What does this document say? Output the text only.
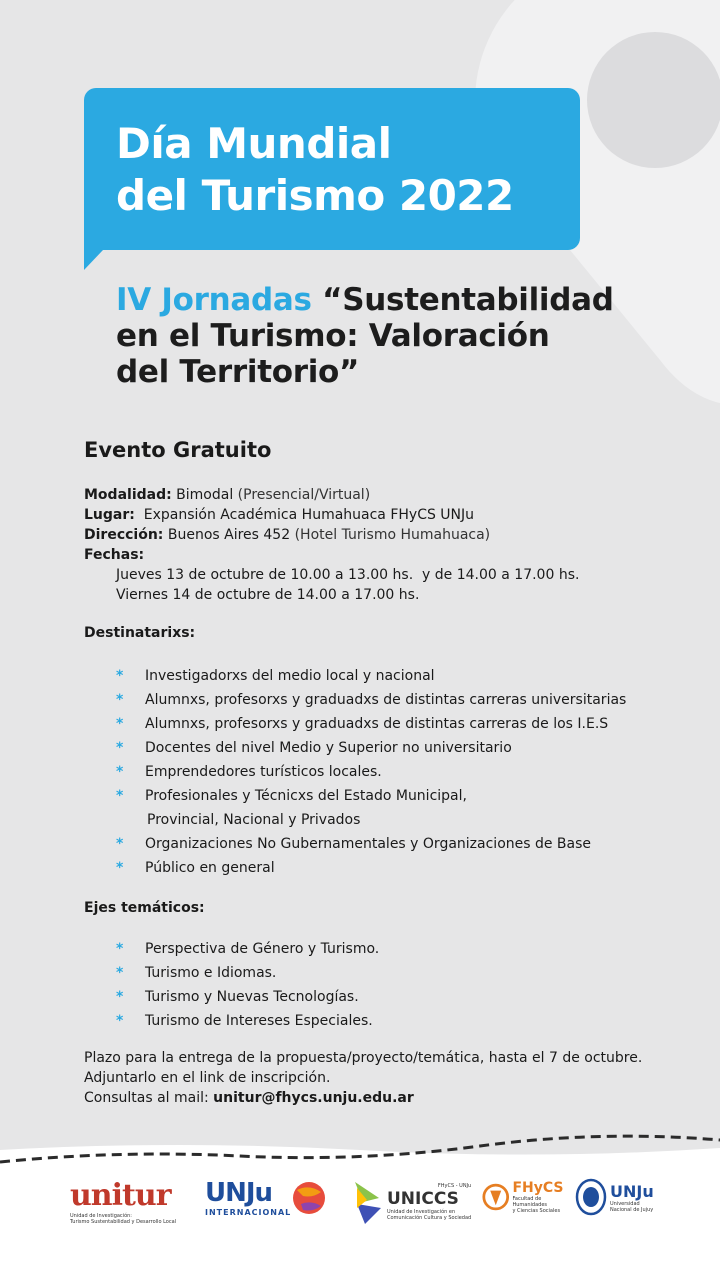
Día Mundial
del Turismo 2022
IV Jornadas “Sustentabilidad
en el Turismo: Valoración
del Territorio”
Evento Gratuito
Modalidad: Bimodal (Presencial/Virtual)
Lugar:  Expansión Académica Humahuaca FHyCS UNJu
Dirección: Buenos Aires 452 (Hotel Turismo Humahuaca)
Fechas:
Jueves 13 de octubre de 10.00 a 13.00 hs.  y de 14.00 a 17.00 hs.
Viernes 14 de octubre de 14.00 a 17.00 hs.
Destinatarixs:
* Investigadorxs del medio local y nacional
* Alumnxs, profesorxs y graduadxs de distintas carreras universitarias
* Alumnxs, profesorxs y graduadxs de distintas carreras de los I.E.S
* Docentes del nivel Medio y Superior no universitario
* Emprendedores turísticos locales.
* Profesionales y Técnicxs del Estado Municipal,
Provincial, Nacional y Privados
* Organizaciones No Gubernamentales y Organizaciones de Base
* Público en general
Ejes temáticos:
* Perspectiva de Género y Turismo.
* Turismo e Idiomas.
* Turismo y Nuevas Tecnologías.
* Turismo de Intereses Especiales.
Plazo para la entrega de la propuesta/proyecto/temática, hasta el 7 de octubre.
Adjuntarlo en el link de inscripción.
Consultas al mail: unitur@fhycs.unju.edu.ar
unitur
Unidad de Investigación:
Turismo Sustentabilidad y Desarrollo Local
UNJu
INTERNACIONAL
FHyCS - UNJu
UNICCS
Unidad de Investigación en
Comunicación Cultura y Sociedad
FHyCS
Facultad de Humanidades
y Ciencias Sociales
UNJu
Universidad
Nacional de Jujuy
